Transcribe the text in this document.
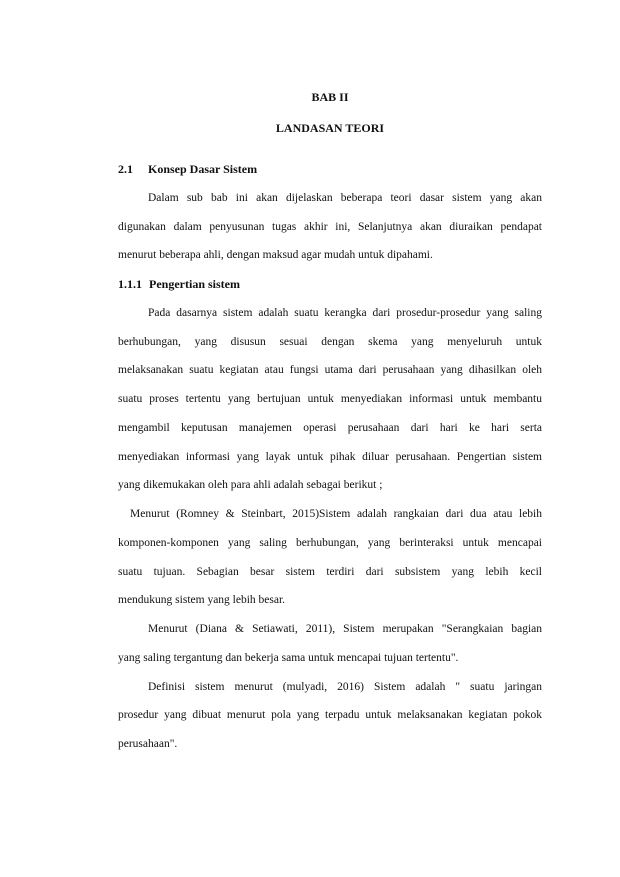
BAB II
LANDASAN TEORI
2.1 Konsep Dasar Sistem
Dalam sub bab ini akan dijelaskan beberapa teori dasar sistem yang akan
digunakan dalam penyusunan tugas akhir ini, Selanjutnya akan diuraikan pendapat
menurut beberapa ahli, dengan maksud agar mudah untuk dipahami.
1.1.1 Pengertian sistem
Pada dasarnya sistem adalah suatu kerangka dari prosedur-prosedur yang saling
berhubungan, yang disusun sesuai dengan skema yang menyeluruh untuk
melaksanakan suatu kegiatan atau fungsi utama dari perusahaan yang dihasilkan oleh
suatu proses tertentu yang bertujuan untuk menyediakan informasi untuk membantu
mengambil keputusan manajemen operasi perusahaan dari hari ke hari serta
menyediakan informasi yang layak untuk pihak diluar perusahaan. Pengertian sistem
yang dikemukakan oleh para ahli adalah sebagai berikut ;
Menurut (Romney & Steinbart, 2015)Sistem adalah rangkaian dari dua atau lebih
komponen-komponen yang saling berhubungan, yang berinteraksi untuk mencapai
suatu tujuan. Sebagian besar sistem terdiri dari subsistem yang lebih kecil
mendukung sistem yang lebih besar.
Menurut (Diana & Setiawati, 2011), Sistem merupakan "Serangkaian bagian
yang saling tergantung dan bekerja sama untuk mencapai tujuan tertentu".
Definisi sistem menurut (mulyadi, 2016) Sistem adalah " suatu jaringan
prosedur yang dibuat menurut pola yang terpadu untuk melaksanakan kegiatan pokok
perusahaan".
